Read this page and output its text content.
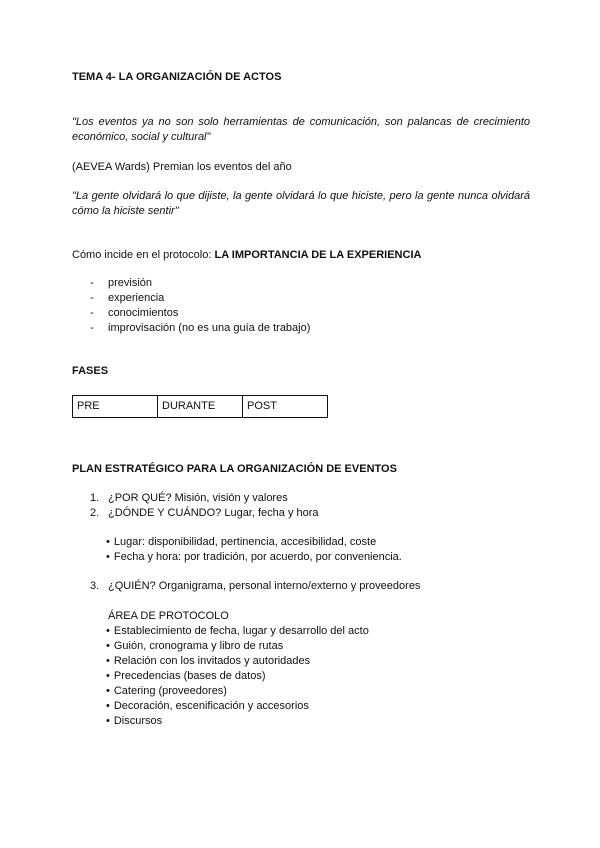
TEMA 4- LA ORGANIZACIÓN DE ACTOS
"Los eventos ya no son solo herramientas de comunicación, son palancas de crecimiento económico, social y cultural"
(AEVEA Wards) Premian los eventos del año
"La gente olvidará lo que dijiste, la gente olvidará lo que hiciste, pero la gente nunca olvidará cómo la hiciste sentir"
Cómo incide en el protocolo: LA IMPORTANCIA DE LA EXPERIENCIA
-	previsión
-	experiencia
-	conocimientos
-	improvisación (no es una guía de trabajo)
FASES
PRE	DURANTE	POST
PLAN ESTRATÉGICO PARA LA ORGANIZACIÓN DE EVENTOS
1. ¿POR QUÉ? Misión, visión y valores
2. ¿DÓNDE Y CUÁNDO? Lugar, fecha y hora
• Lugar: disponibilidad, pertinencia, accesibilidad, coste
• Fecha y hora: por tradición, por acuerdo, por conveniencia.
3. ¿QUIÉN? Organigrama, personal interno/externo y proveedores
ÁREA DE PROTOCOLO
• Establecimiento de fecha, lugar y desarrollo del acto
• Guión, cronograma y libro de rutas
• Relación con los invitados y autoridades
• Precedencias (bases de datos)
• Catering (proveedores)
• Decoración, escenificación y accesorios
• Discursos
